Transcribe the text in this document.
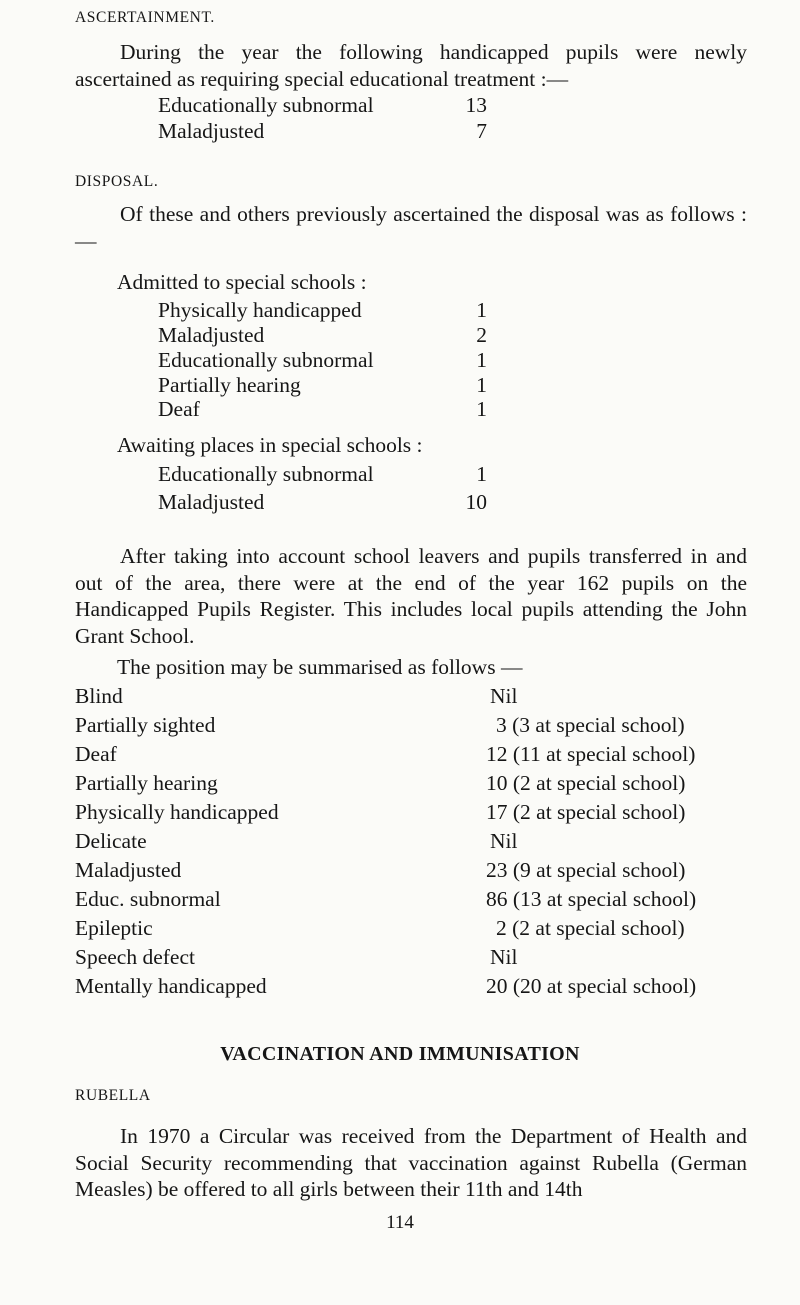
ASCERTAINMENT.
During the year the following handicapped pupils were newly ascertained as requiring special educational treatment :—
Educationally subnormal	13
Maladjusted	7
DISPOSAL.
Of these and others previously ascertained the disposal was as follows :—
Admitted to special schools :
Physically handicapped	1
Maladjusted	2
Educationally subnormal	1
Partially hearing	1
Deaf	1
Awaiting places in special schools :
Educationally subnormal	1
Maladjusted	10
After taking into account school leavers and pupils transferred in and out of the area, there were at the end of the year 162 pupils on the Handicapped Pupils Register. This includes local pupils attending the John Grant School.
The position may be summarised as follows —
Blind	Nil
Partially sighted	3 (3 at special school)
Deaf	12 (11 at special school)
Partially hearing	10 (2 at special school)
Physically handicapped	17 (2 at special school)
Delicate	Nil
Maladjusted	23 (9 at special school)
Educ. subnormal	86 (13 at special school)
Epileptic	2 (2 at special school)
Speech defect	Nil
Mentally handicapped	20 (20 at special school)
VACCINATION AND IMMUNISATION
RUBELLA
In 1970 a Circular was received from the Department of Health and Social Security recommending that vaccination against Rubella (German Measles) be offered to all girls between their 11th and 14th
114
